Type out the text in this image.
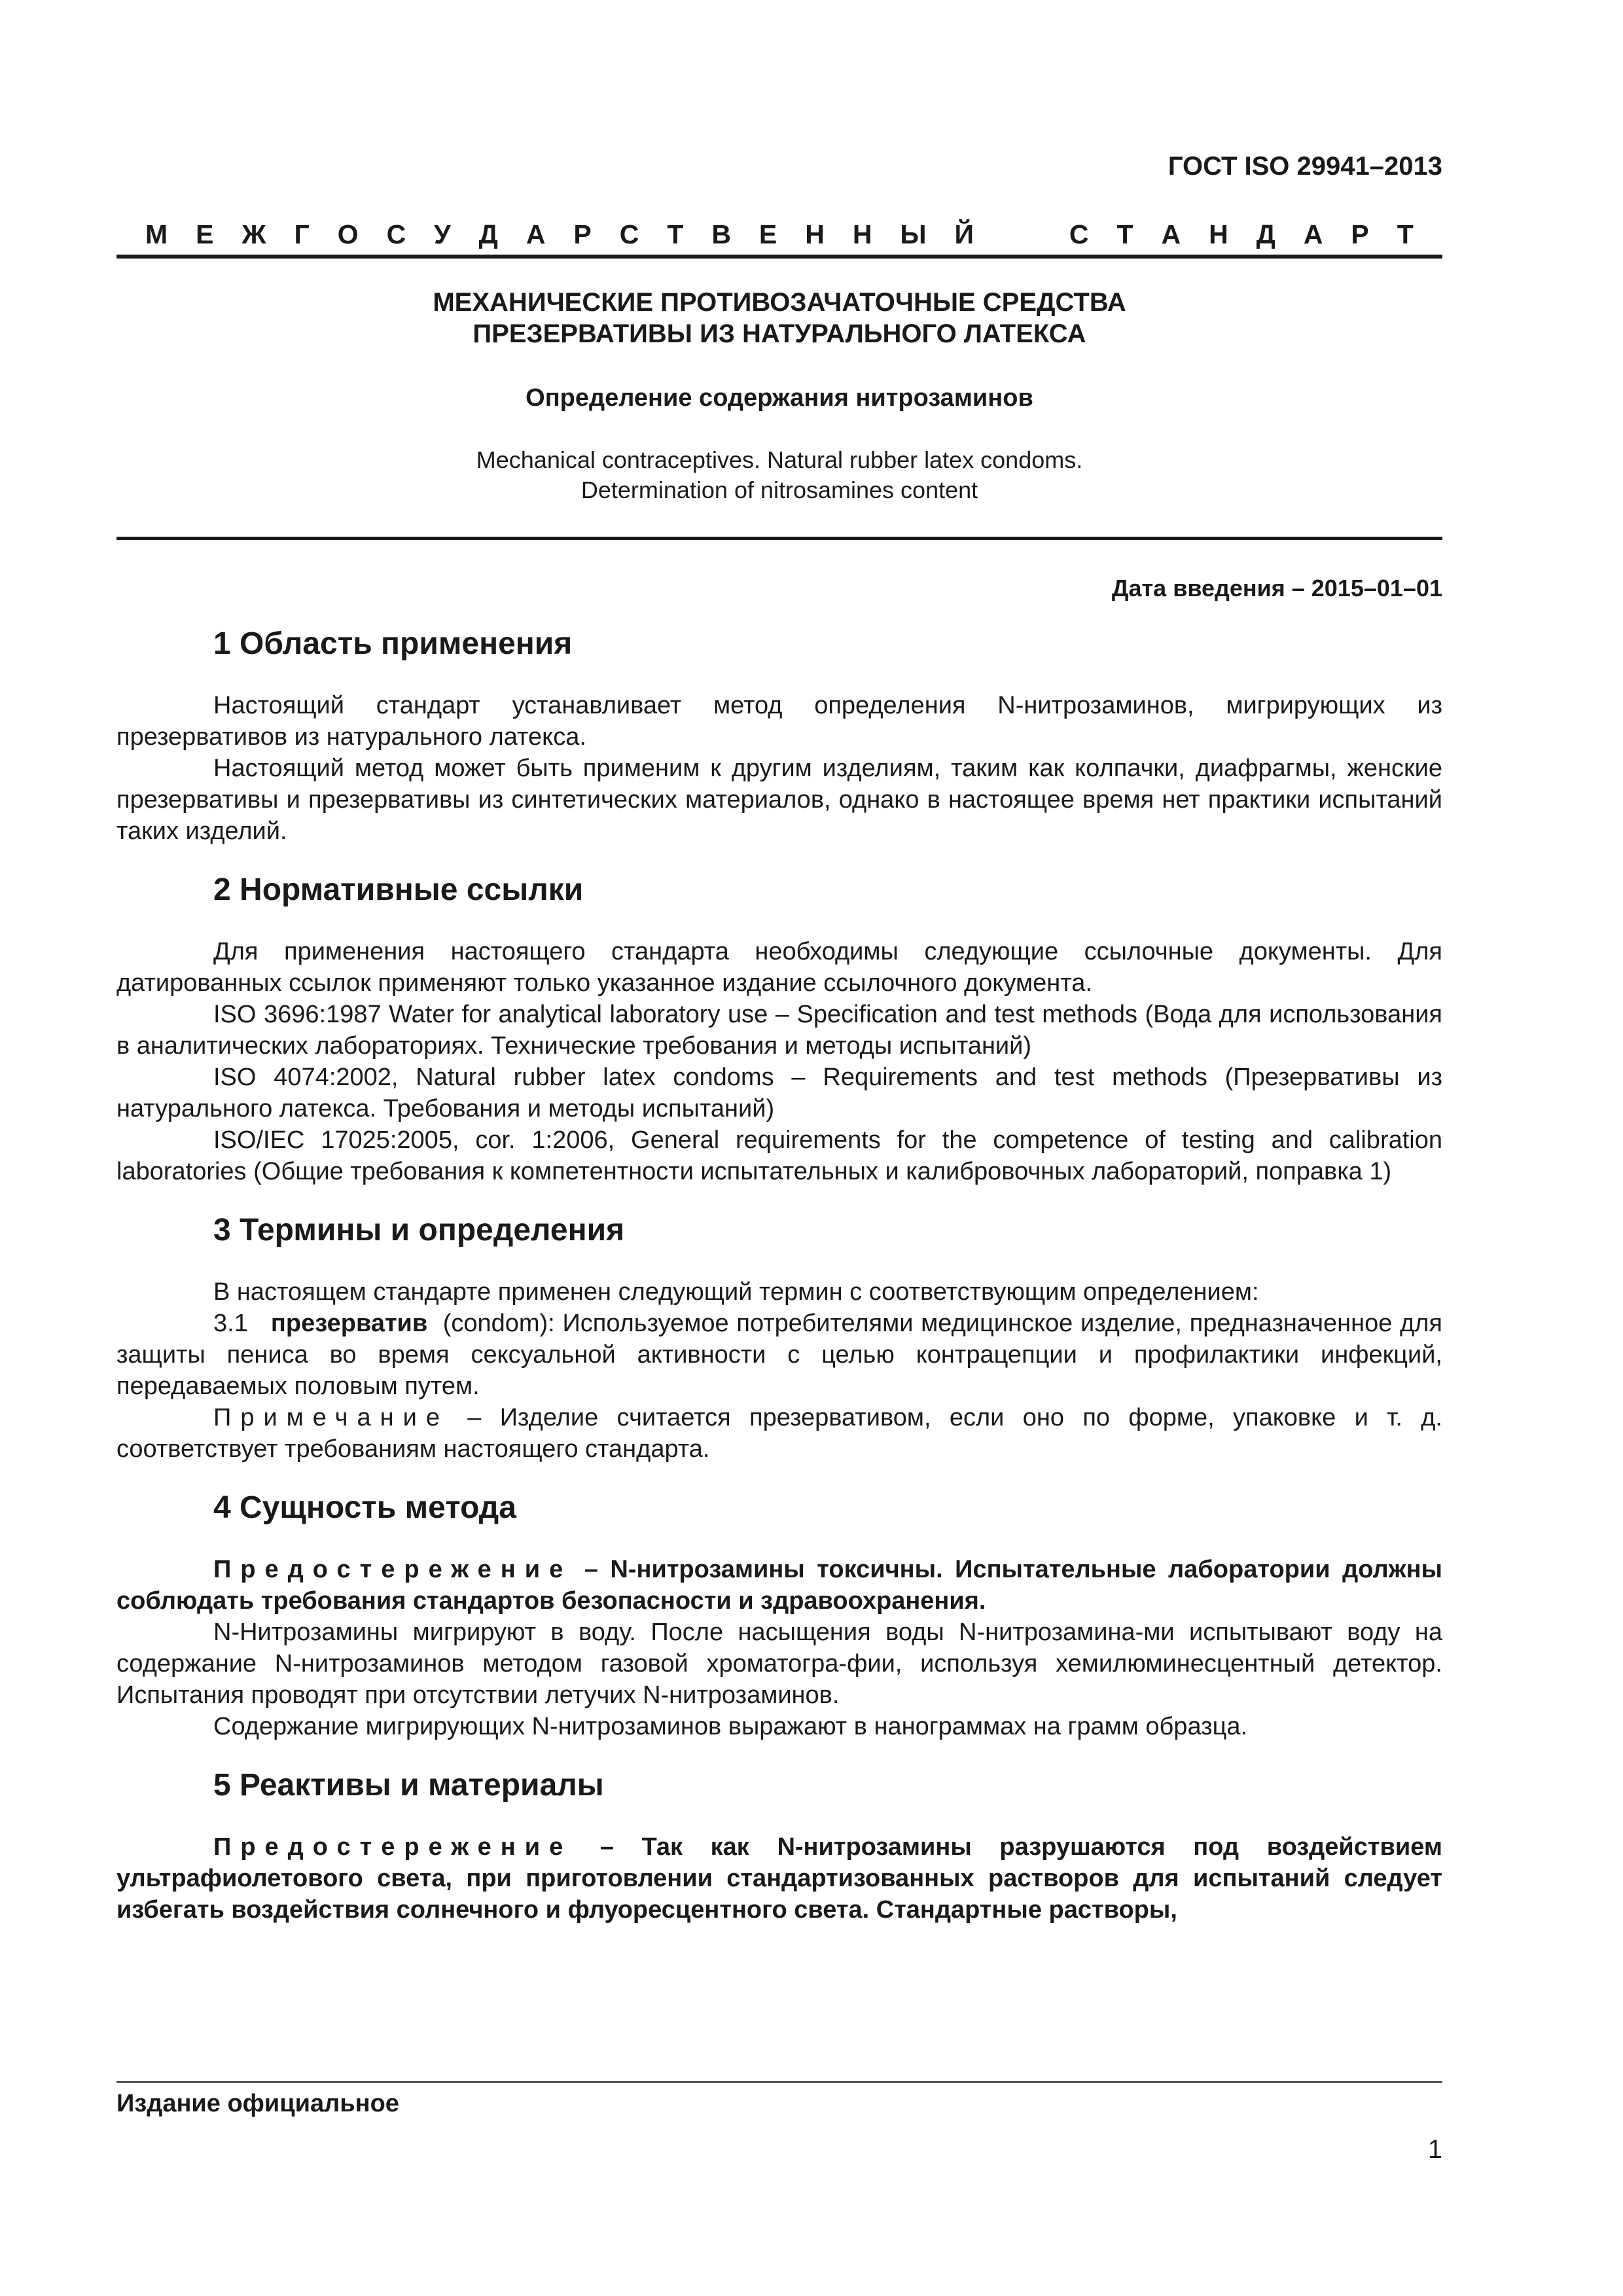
ГОСТ ISO 29941–2013
М Е Ж Г О С У Д А Р С Т В Е Н Н Ы Й	С Т А Н Д А Р Т
МЕХАНИЧЕСКИЕ ПРОТИВОЗАЧАТОЧНЫЕ СРЕДСТВА
ПРЕЗЕРВАТИВЫ ИЗ НАТУРАЛЬНОГО ЛАТЕКСА
Определение содержания нитрозаминов
Mechanical contraceptives. Natural rubber latex condoms.
Determination of nitrosamines content
Дата введения – 2015–01–01
1 Область применения

Настоящий стандарт устанавливает метод определения N-нитрозаминов, мигрирующих из презервативов из натурального латекса.

Настоящий метод может быть применим к другим изделиям, таким как колпачки, диафрагмы, женские презервативы и презервативы из синтетических материалов, однако в настоящее время нет практики испытаний таких изделий.

2 Нормативные ссылки

Для применения настоящего стандарта необходимы следующие ссылочные документы. Для датированных ссылок применяют только указанное издание ссылочного документа.

ISO 3696:1987 Water for analytical laboratory use – Specification and test methods (Вода для использования в аналитических лабораториях. Технические требования и методы испытаний)

ISO 4074:2002, Natural rubber latex condoms – Requirements and test methods (Презервативы из натурального латекса. Требования и методы испытаний)

ISO/IEC 17025:2005, cor. 1:2006, General requirements for the competence of testing and calibration laboratories (Общие требования к компетентности испытательных и калибровочных лабораторий, поправка 1)

3 Термины и определения

В настоящем стандарте применен следующий термин с соответствующим определением:

3.1 презерватив (condom): Используемое потребителями медицинское изделие, предназначенное для защиты пениса во время сексуальной активности с целью контрацепции и профилактики инфекций, передаваемых половым путем.

Примечание – Изделие считается презервативом, если оно по форме, упаковке и т. д. соответствует требованиям настоящего стандарта.

4 Сущность метода

Предостережение – N-нитрозамины токсичны. Испытательные лаборатории должны соблюдать требования стандартов безопасности и здравоохранения.

N-Нитрозамины мигрируют в воду. После насыщения воды N-нитрозамина-ми испытывают воду на содержание N-нитрозаминов методом газовой хроматогра-фии, используя хемилюминесцентный детектор. Испытания проводят при отсутствии летучих N-нитрозаминов.

Содержание мигрирующих N-нитрозаминов выражают в нанограммах на грамм образца.

5 Реактивы и материалы

Предостережение – Так как N-нитрозамины разрушаются под воздействием ультрафиолетового света, при приготовлении стандартизованных растворов для испытаний следует избегать воздействия солнечного и флуоресцентного света. Стандартные растворы,

Издание официальное
1
